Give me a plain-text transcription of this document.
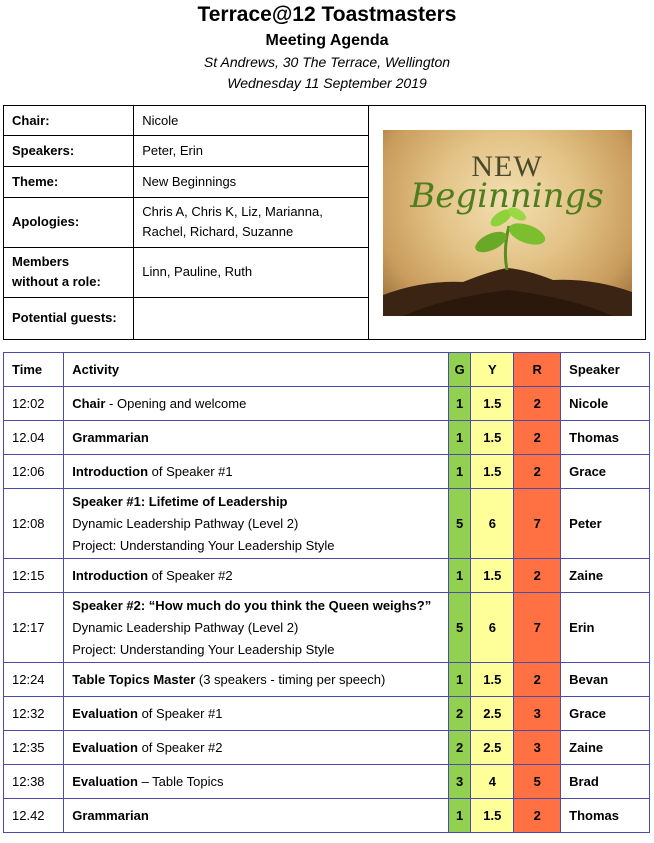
Terrace@12 Toastmasters
Meeting Agenda
St Andrews, 30 The Terrace, Wellington
Wednesday 11 September 2019
Chair:	Nicole	NEW
Beginnings

Speakers:	Peter, Erin	
Theme:	New Beginnings	
Apologies:	Chris A, Chris K, Liz, Marianna,
Rachel, Richard, Suzanne	

Members
without a role:	Linn, Pauline, Ruth	
Potential guests:		
Time	Activity	G	Y	R	Speaker
12:02	Chair - Opening and welcome	1	1.5	2	Nicole
12.04	Grammarian	1	1.5	2	Thomas
12:06	Introduction of Speaker #1	1	1.5	2	Grace
12:08	Speaker #1: Lifetime of Leadership
Dynamic Leadership Pathway (Level 2)
Project: Understanding Your Leadership Style	5	6	7	Peter
12:15	Introduction of Speaker #2	1	1.5	2	Zaine
12:17	Speaker #2: “How much do you think the Queen weighs?”
Dynamic Leadership Pathway (Level 2)
Project: Understanding Your Leadership Style	5	6	7	Erin
12:24	Table Topics Master (3 speakers - timing per speech)	1	1.5	2	Bevan
12:32	Evaluation of Speaker #1	2	2.5	3	Grace
12:35	Evaluation of Speaker #2	2	2.5	3	Zaine
12:38	Evaluation – Table Topics	3	4	5	Brad
12.42	Grammarian	1	1.5	2	Thomas
